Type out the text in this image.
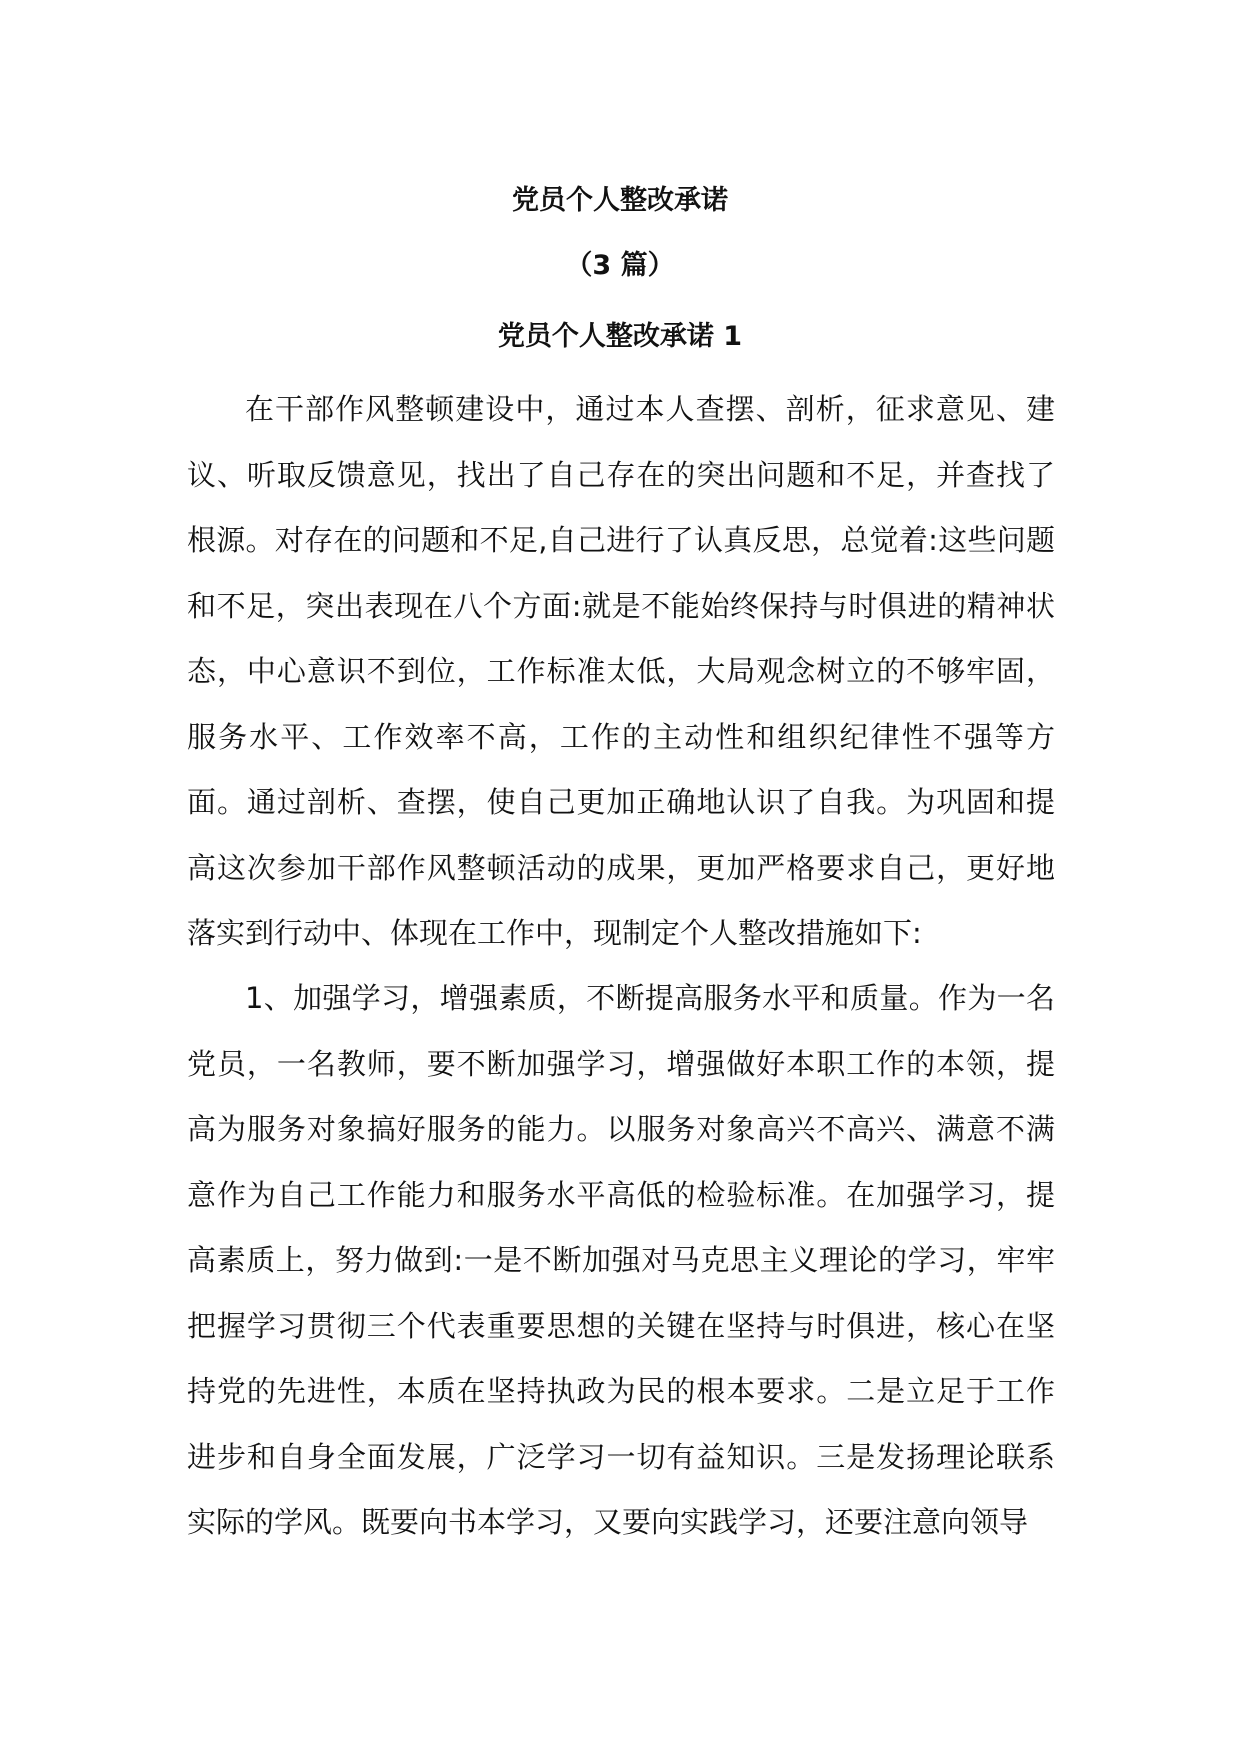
党员个人整改承诺
（3 篇）
党员个人整改承诺 1

在干部作风整顿建设中，通过本人查摆、剖析，征求意见、建议、听取反馈意见，找出了自己存在的突出问题和不足，并查找了根源。对存在的问题和不足,自己进行了认真反思，总觉着:这些问题和不足，突出表现在八个方面:就是不能始终保持与时俱进的精神状态，中心意识不到位，工作标准太低，大局观念树立的不够牢固，服务水平、工作效率不高，工作的主动性和组织纪律性不强等方面。通过剖析、查摆，使自己更加正确地认识了自我。为巩固和提高这次参加干部作风整顿活动的成果，更加严格要求自己，更好地落实到行动中、体现在工作中，现制定个人整改措施如下:

1、加强学习，增强素质，不断提高服务水平和质量。作为一名党员，一名教师，要不断加强学习，增强做好本职工作的本领，提高为服务对象搞好服务的能力。以服务对象高兴不高兴、满意不满意作为自己工作能力和服务水平高低的检验标准。在加强学习，提高素质上，努力做到:一是不断加强对马克思主义理论的学习，牢牢把握学习贯彻三个代表重要思想的关键在坚持与时俱进，核心在坚持党的先进性，本质在坚持执政为民的根本要求。二是立足于工作进步和自身全面发展，广泛学习一切有益知识。三是发扬理论联系实际的学风。既要向书本学习，又要向实践学习，还要注意向领导
